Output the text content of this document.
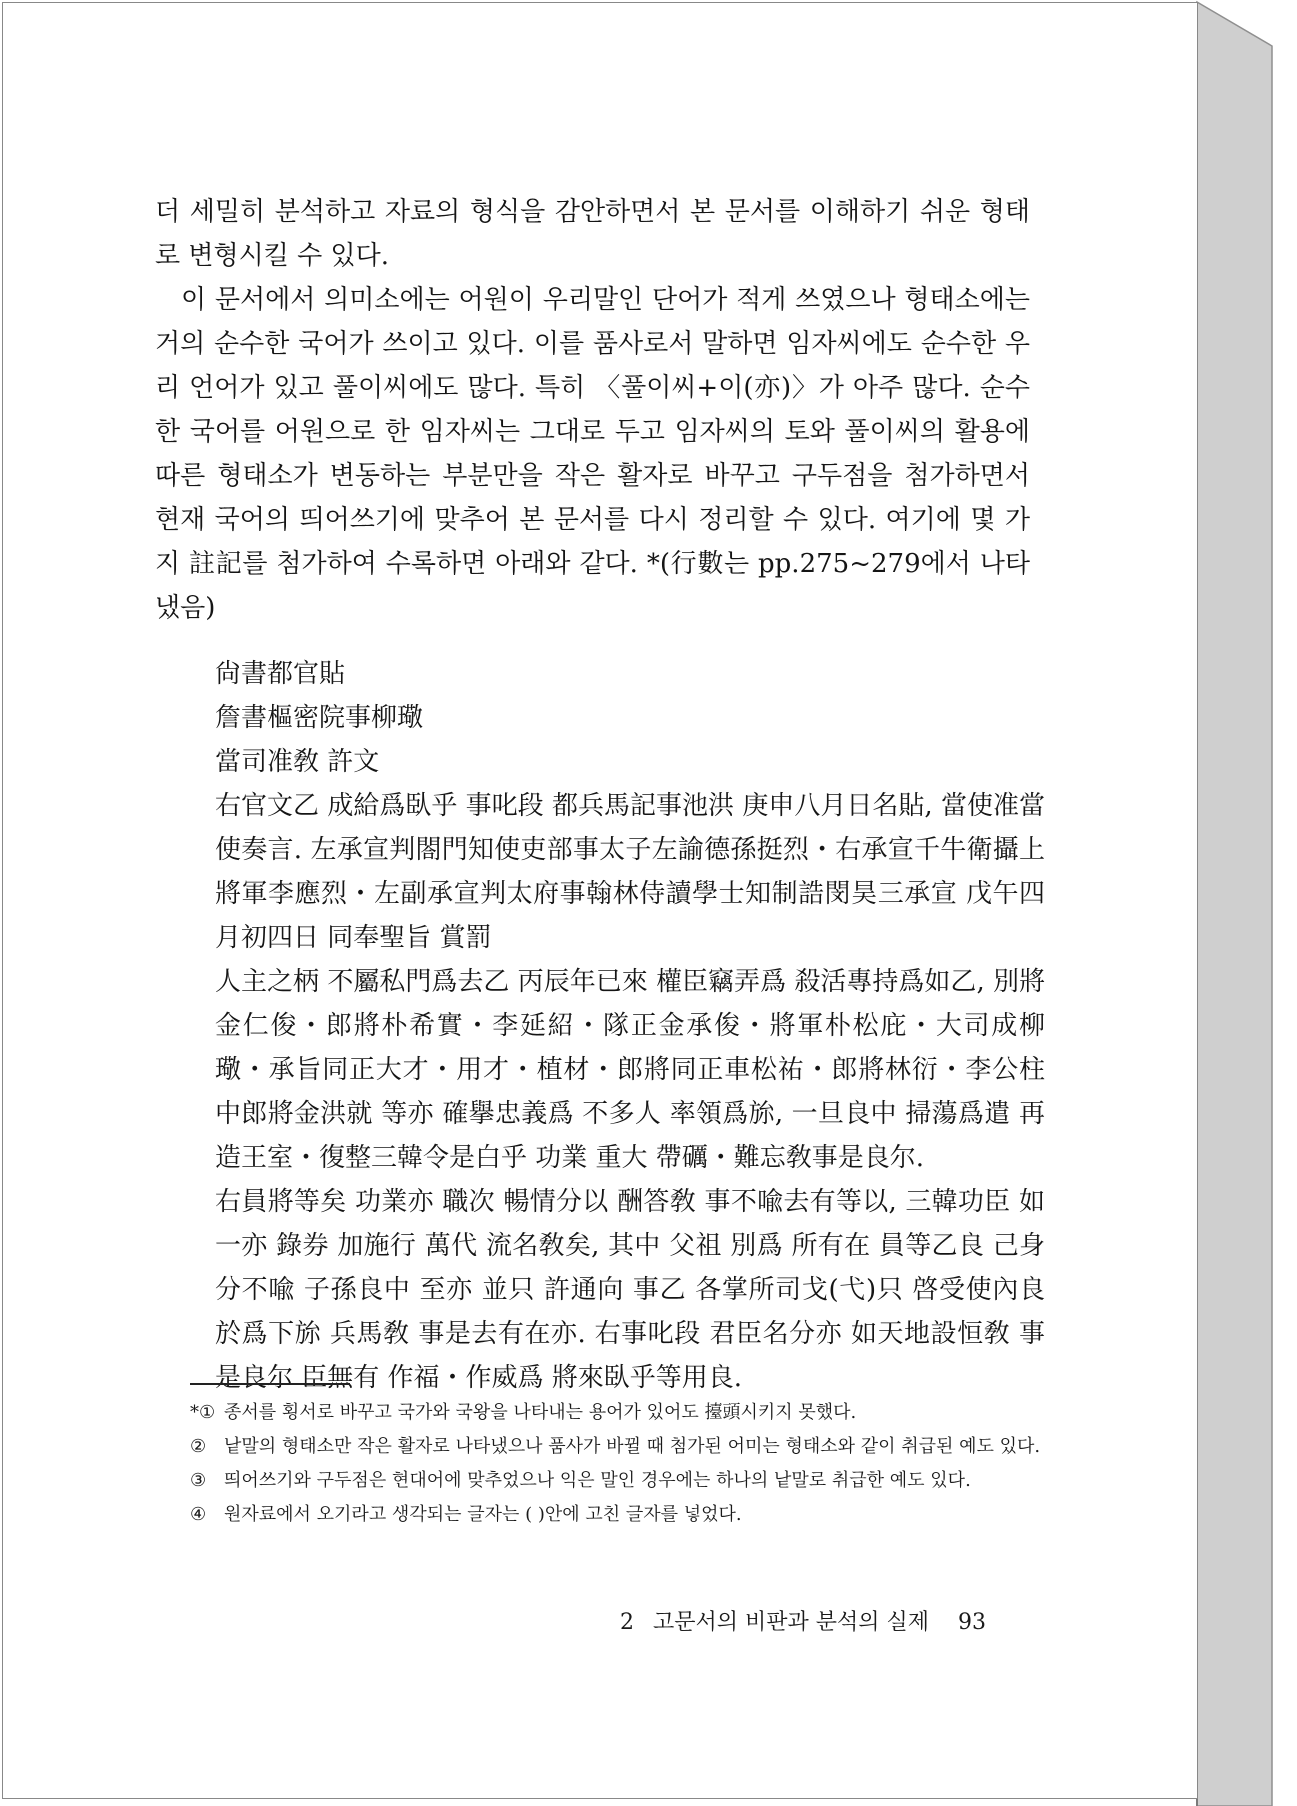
더 세밀히 분석하고 자료의 형식을 감안하면서 본 문서를 이해하기 쉬운 형태로 변형시킬 수 있다.

이 문서에서 의미소에는 어원이 우리말인 단어가 적게 쓰였으나 형태소에는 거의 순수한 국어가 쓰이고 있다. 이를 품사로서 말하면 임자씨에도 순수한 우리 언어가 있고 풀이씨에도 많다. 특히 〈풀이씨+이(亦)〉가 아주 많다. 순수한 국어를 어원으로 한 임자씨는 그대로 두고 임자씨의 토와 풀이씨의 활용에 따른 형태소가 변동하는 부분만을 작은 활자로 바꾸고 구두점을 첨가하면서 현재 국어의 띄어쓰기에 맞추어 본 문서를 다시 정리할 수 있다. 여기에 몇 가지 註記를 첨가하여 수록하면 아래와 같다. *(行數는 pp.275~279에서 나타냈음)

尙書都官貼

詹書樞密院事柳璥

當司准敎 許文

右官文乙 成給爲臥乎 事叱段 都兵馬記事池洪 庚申八月日名貼, 當使准當使奏言. 左承宣判閤門知使吏部事太子左諭德孫挺烈・右承宣千牛衛攝上將軍李應烈・左副承宣判太府事翰林侍讀學士知制誥閔昊三承宣 戊午四月初四日 同奉聖旨 賞罰

人主之柄 不屬私門爲去乙 丙辰年已來 權臣竊弄爲 殺活專持爲如乙, 別將金仁俊・郎將朴希實・李延紹・隊正金承俊・將軍朴松庇・大司成柳璥・承旨同正大才・用才・植材・郎將同正車松祐・郎將林衍・李公柱中郎將金洪就 等亦 確擧忠義爲 不多人 率領爲旀, 一旦良中 掃蕩爲遣 再造王室・復整三韓令是白乎 功業 重大 帶礪・難忘敎事是良尔.

右員將等矣 功業亦 職次 暢情分以 酬答敎 事不喩去有等以, 三韓功臣 如一亦 錄券 加施行 萬代 流名敎矣, 其中 父祖 別爲 所有在 員等乙良 己身分不喩 子孫良中 至亦 並只 許通向 事乙 各掌所司戈(弋)只 啓受使內良於爲下旀 兵馬敎 事是去有在亦. 右事叱段 君臣名分亦 如天地設恒敎 事是良尔 臣無有 作福・作威爲 將來臥乎等用良.

*① 종서를 횡서로 바꾸고 국가와 국왕을 나타내는 용어가 있어도 擡頭시키지 못했다.

② 낱말의 형태소만 작은 활자로 나타냈으나 품사가 바뀔 때 첨가된 어미는 형태소와 같이 취급된 예도 있다.

③ 띄어쓰기와 구두점은 현대어에 맞추었으나 익은 말인 경우에는 하나의 낱말로 취급한 예도 있다.

④ 원자료에서 오기라고 생각되는 글자는 ( )안에 고친 글자를 넣었다.

2 고문서의 비판과 분석의 실제 93
